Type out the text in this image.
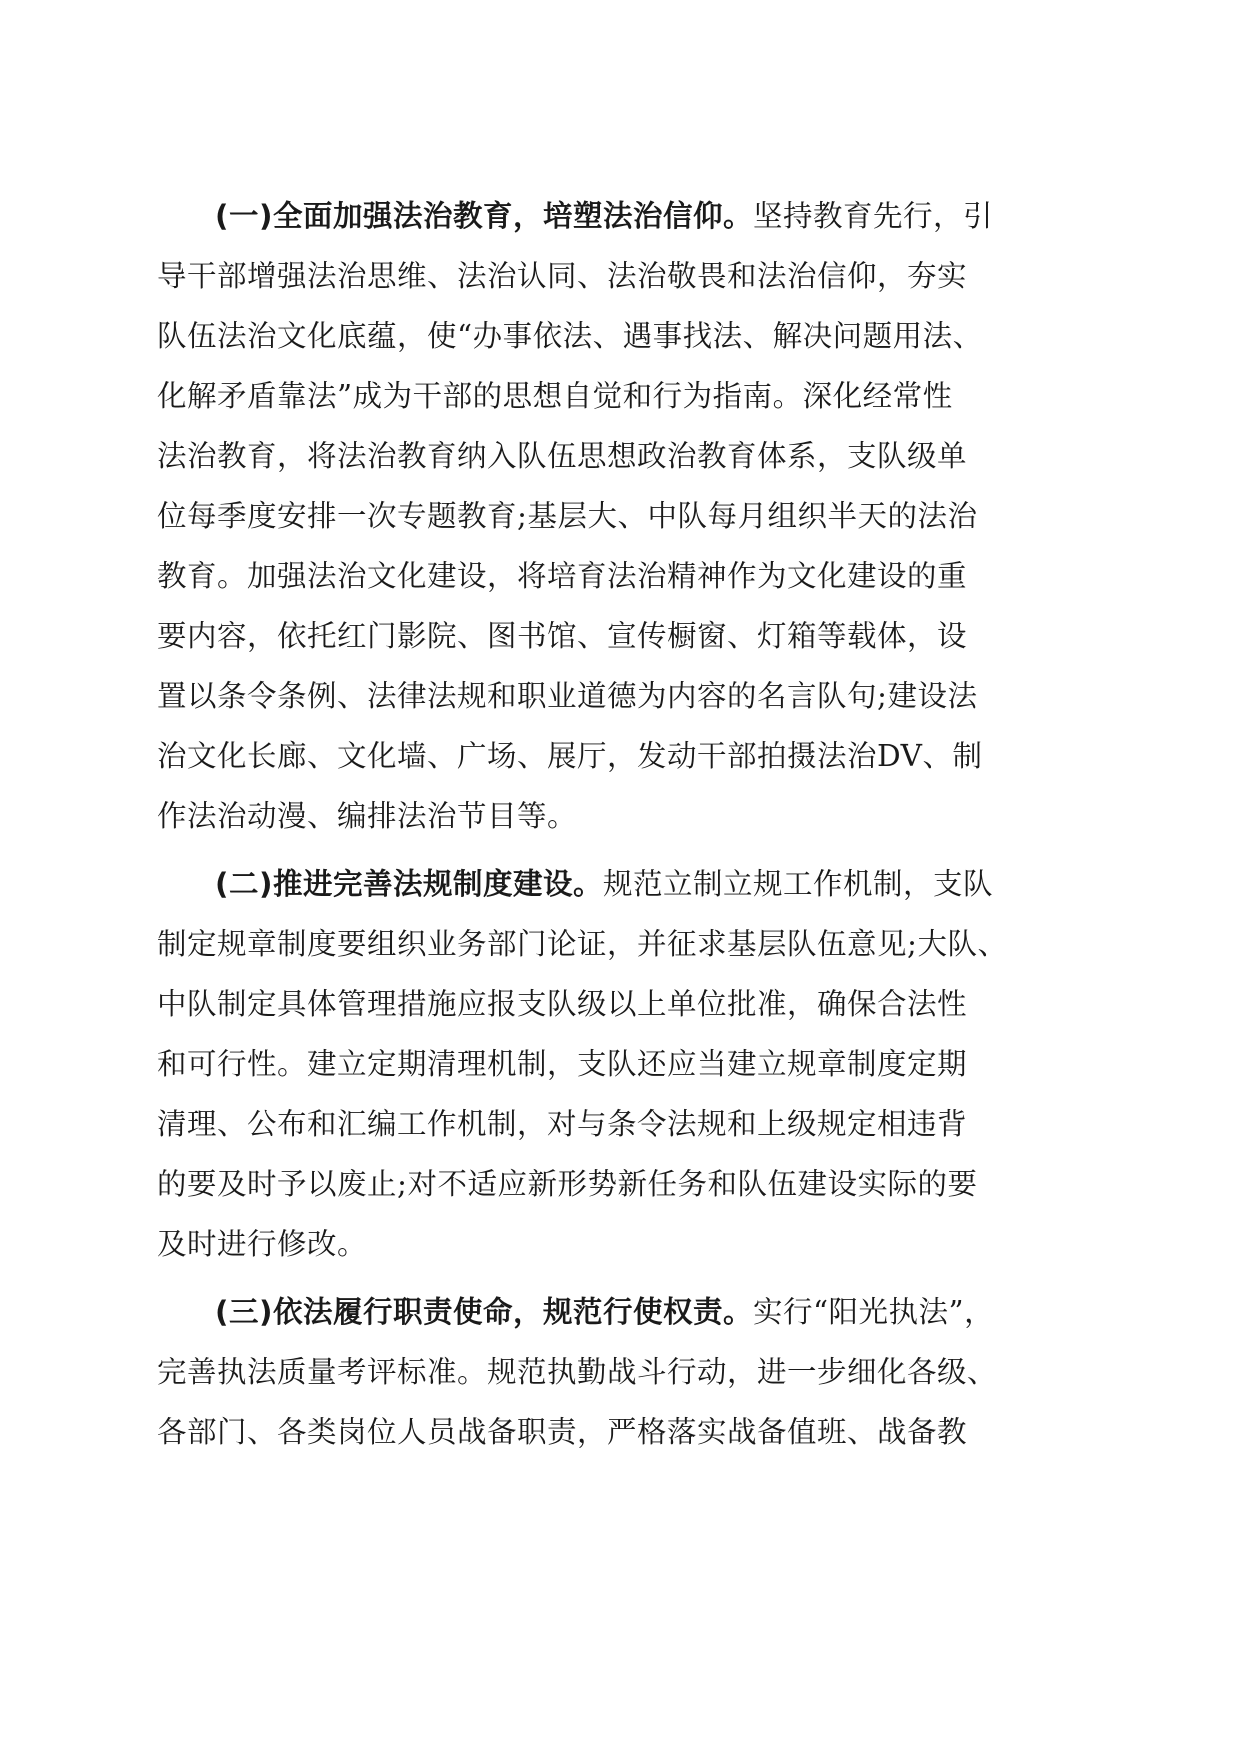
(一)全面加强法治教育，培塑法治信仰。坚持教育先行，引
导干部增强法治思维、法治认同、法治敬畏和法治信仰，夯实
队伍法治文化底蕴，使“办事依法、遇事找法、解决问题用法、
化解矛盾靠法”成为干部的思想自觉和行为指南。深化经常性
法治教育，将法治教育纳入队伍思想政治教育体系，支队级单
位每季度安排一次专题教育;基层大、中队每月组织半天的法治
教育。加强法治文化建设，将培育法治精神作为文化建设的重
要内容，依托红门影院、图书馆、宣传橱窗、灯箱等载体，设
置以条令条例、法律法规和职业道德为内容的名言队句;建设法
治文化长廊、文化墙、广场、展厅，发动干部拍摄法治DV、制
作法治动漫、编排法治节目等。
(二)推进完善法规制度建设。规范立制立规工作机制，支队
制定规章制度要组织业务部门论证，并征求基层队伍意见;大队、
中队制定具体管理措施应报支队级以上单位批准，确保合法性
和可行性。建立定期清理机制，支队还应当建立规章制度定期
清理、公布和汇编工作机制，对与条令法规和上级规定相违背
的要及时予以废止;对不适应新形势新任务和队伍建设实际的要
及时进行修改。
(三)依法履行职责使命，规范行使权责。实行“阳光执法”，
完善执法质量考评标准。规范执勤战斗行动，进一步细化各级、
各部门、各类岗位人员战备职责，严格落实战备值班、战备教
